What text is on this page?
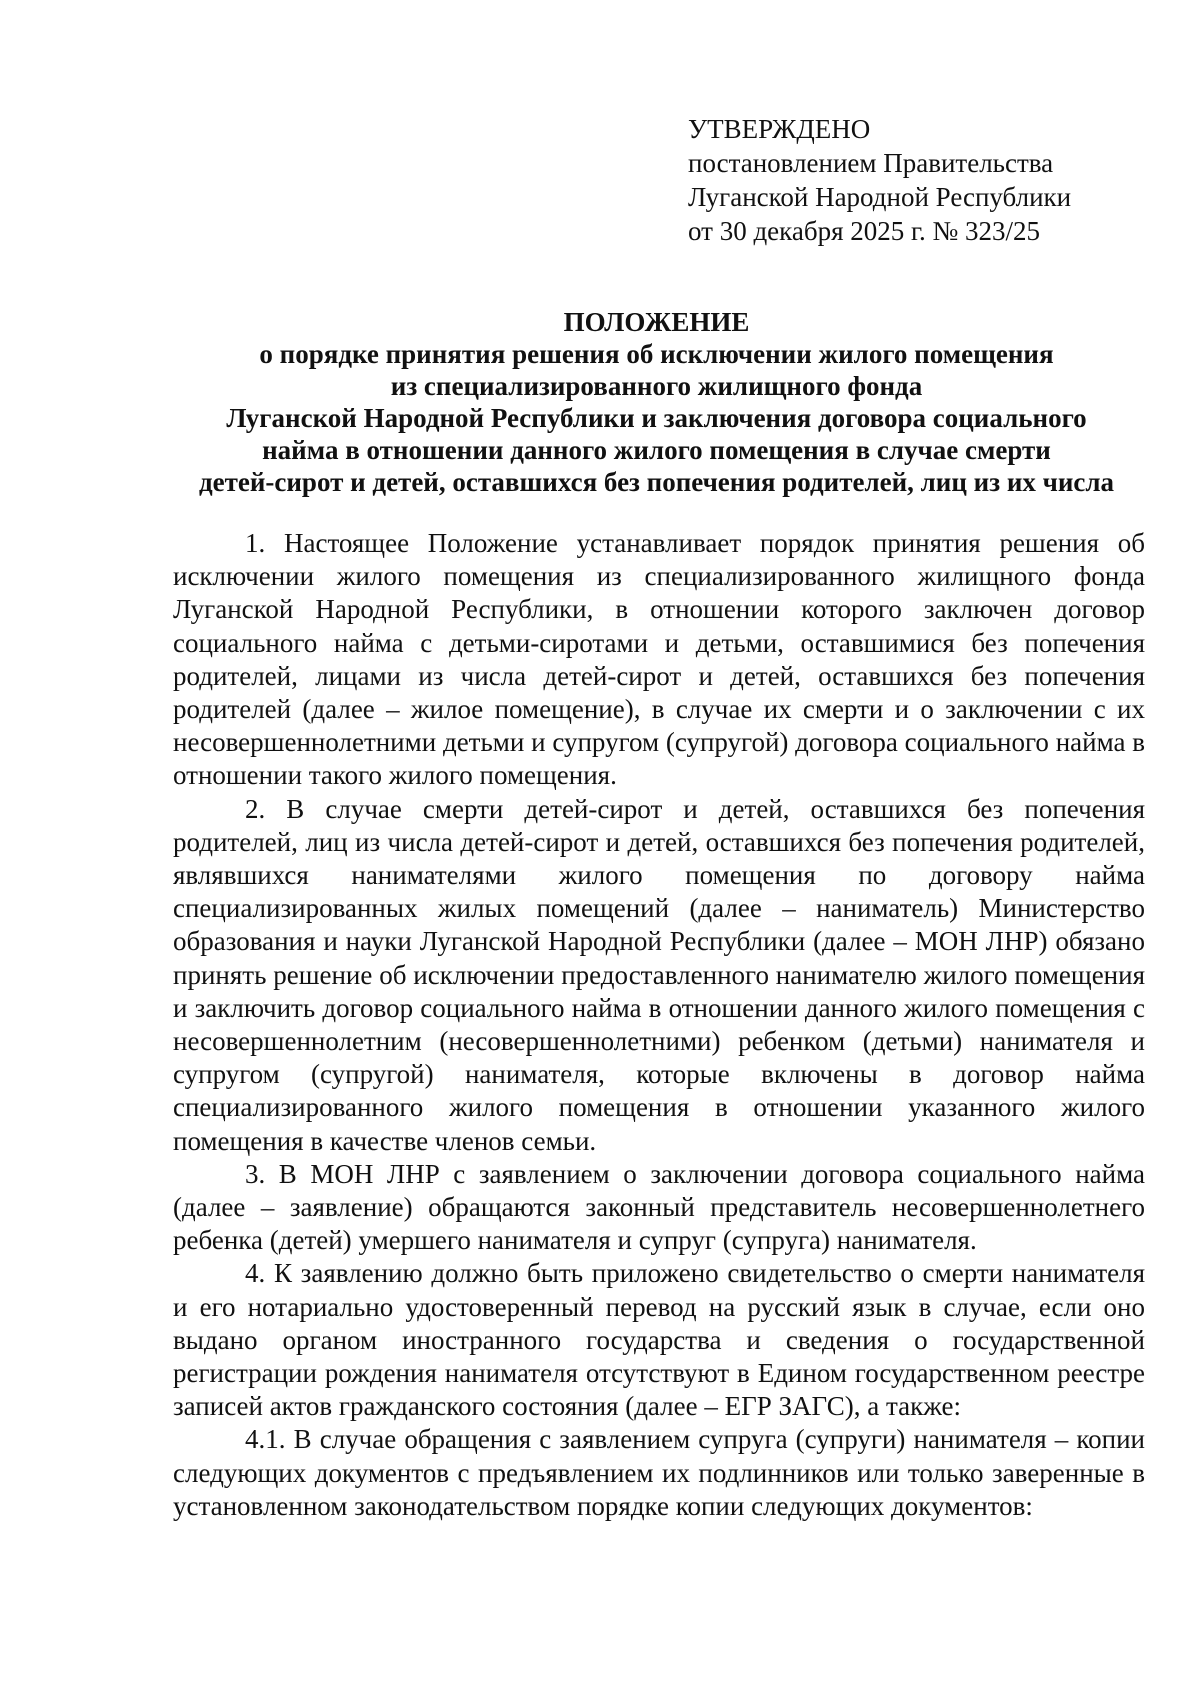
УТВЕРЖДЕНО
постановлением Правительства
Луганской Народной Республики
от 30 декабря 2025 г. № 323/25
ПОЛОЖЕНИЕ
о порядке принятия решения об исключении жилого помещения
из специализированного жилищного фонда
Луганской Народной Республики и заключения договора социального
найма в отношении данного жилого помещения в случае смерти
детей-сирот и детей, оставшихся без попечения родителей, лиц из их числа

1. Настоящее Положение устанавливает порядок принятия решения об исключении жилого помещения из специализированного жилищного фонда Луганской Народной Республики, в отношении которого заключен договор социального найма с детьми-сиротами и детьми, оставшимися без попечения родителей, лицами из числа детей-сирот и детей, оставшихся без попечения родителей (далее – жилое помещение), в случае их смерти и о заключении с их несовершеннолетними детьми и супругом (супругой) договора социального найма в отношении такого жилого помещения.

2. В случае смерти детей-сирот и детей, оставшихся без попечения родителей, лиц из числа детей-сирот и детей, оставшихся без попечения родителей, являвшихся нанимателями жилого помещения по договору найма специализированных жилых помещений (далее – наниматель) Министерство образования и науки Луганской Народной Республики (далее – МОН ЛНР) обязано принять решение об исключении предоставленного нанимателю жилого помещения и заключить договор социального найма в отношении данного жилого помещения с несовершеннолетним (несовершеннолетними) ребенком (детьми) нанимателя и супругом (супругой) нанимателя, которые включены в договор найма специализированного жилого помещения в отношении указанного жилого помещения в качестве членов семьи.

3. В МОН ЛНР с заявлением о заключении договора социального найма (далее – заявление) обращаются законный представитель несовершеннолетнего ребенка (детей) умершего нанимателя и супруг (супруга) нанимателя.

4. К заявлению должно быть приложено свидетельство о смерти нанимателя и его нотариально удостоверенный перевод на русский язык в случае, если оно выдано органом иностранного государства и сведения о государственной регистрации рождения нанимателя отсутствуют в Едином государственном реестре записей актов гражданского состояния (далее – ЕГР ЗАГС), а также:

4.1. В случае обращения с заявлением супруга (супруги) нанимателя – копии следующих документов с предъявлением их подлинников или только заверенные в установленном законодательством порядке копии следующих документов:
